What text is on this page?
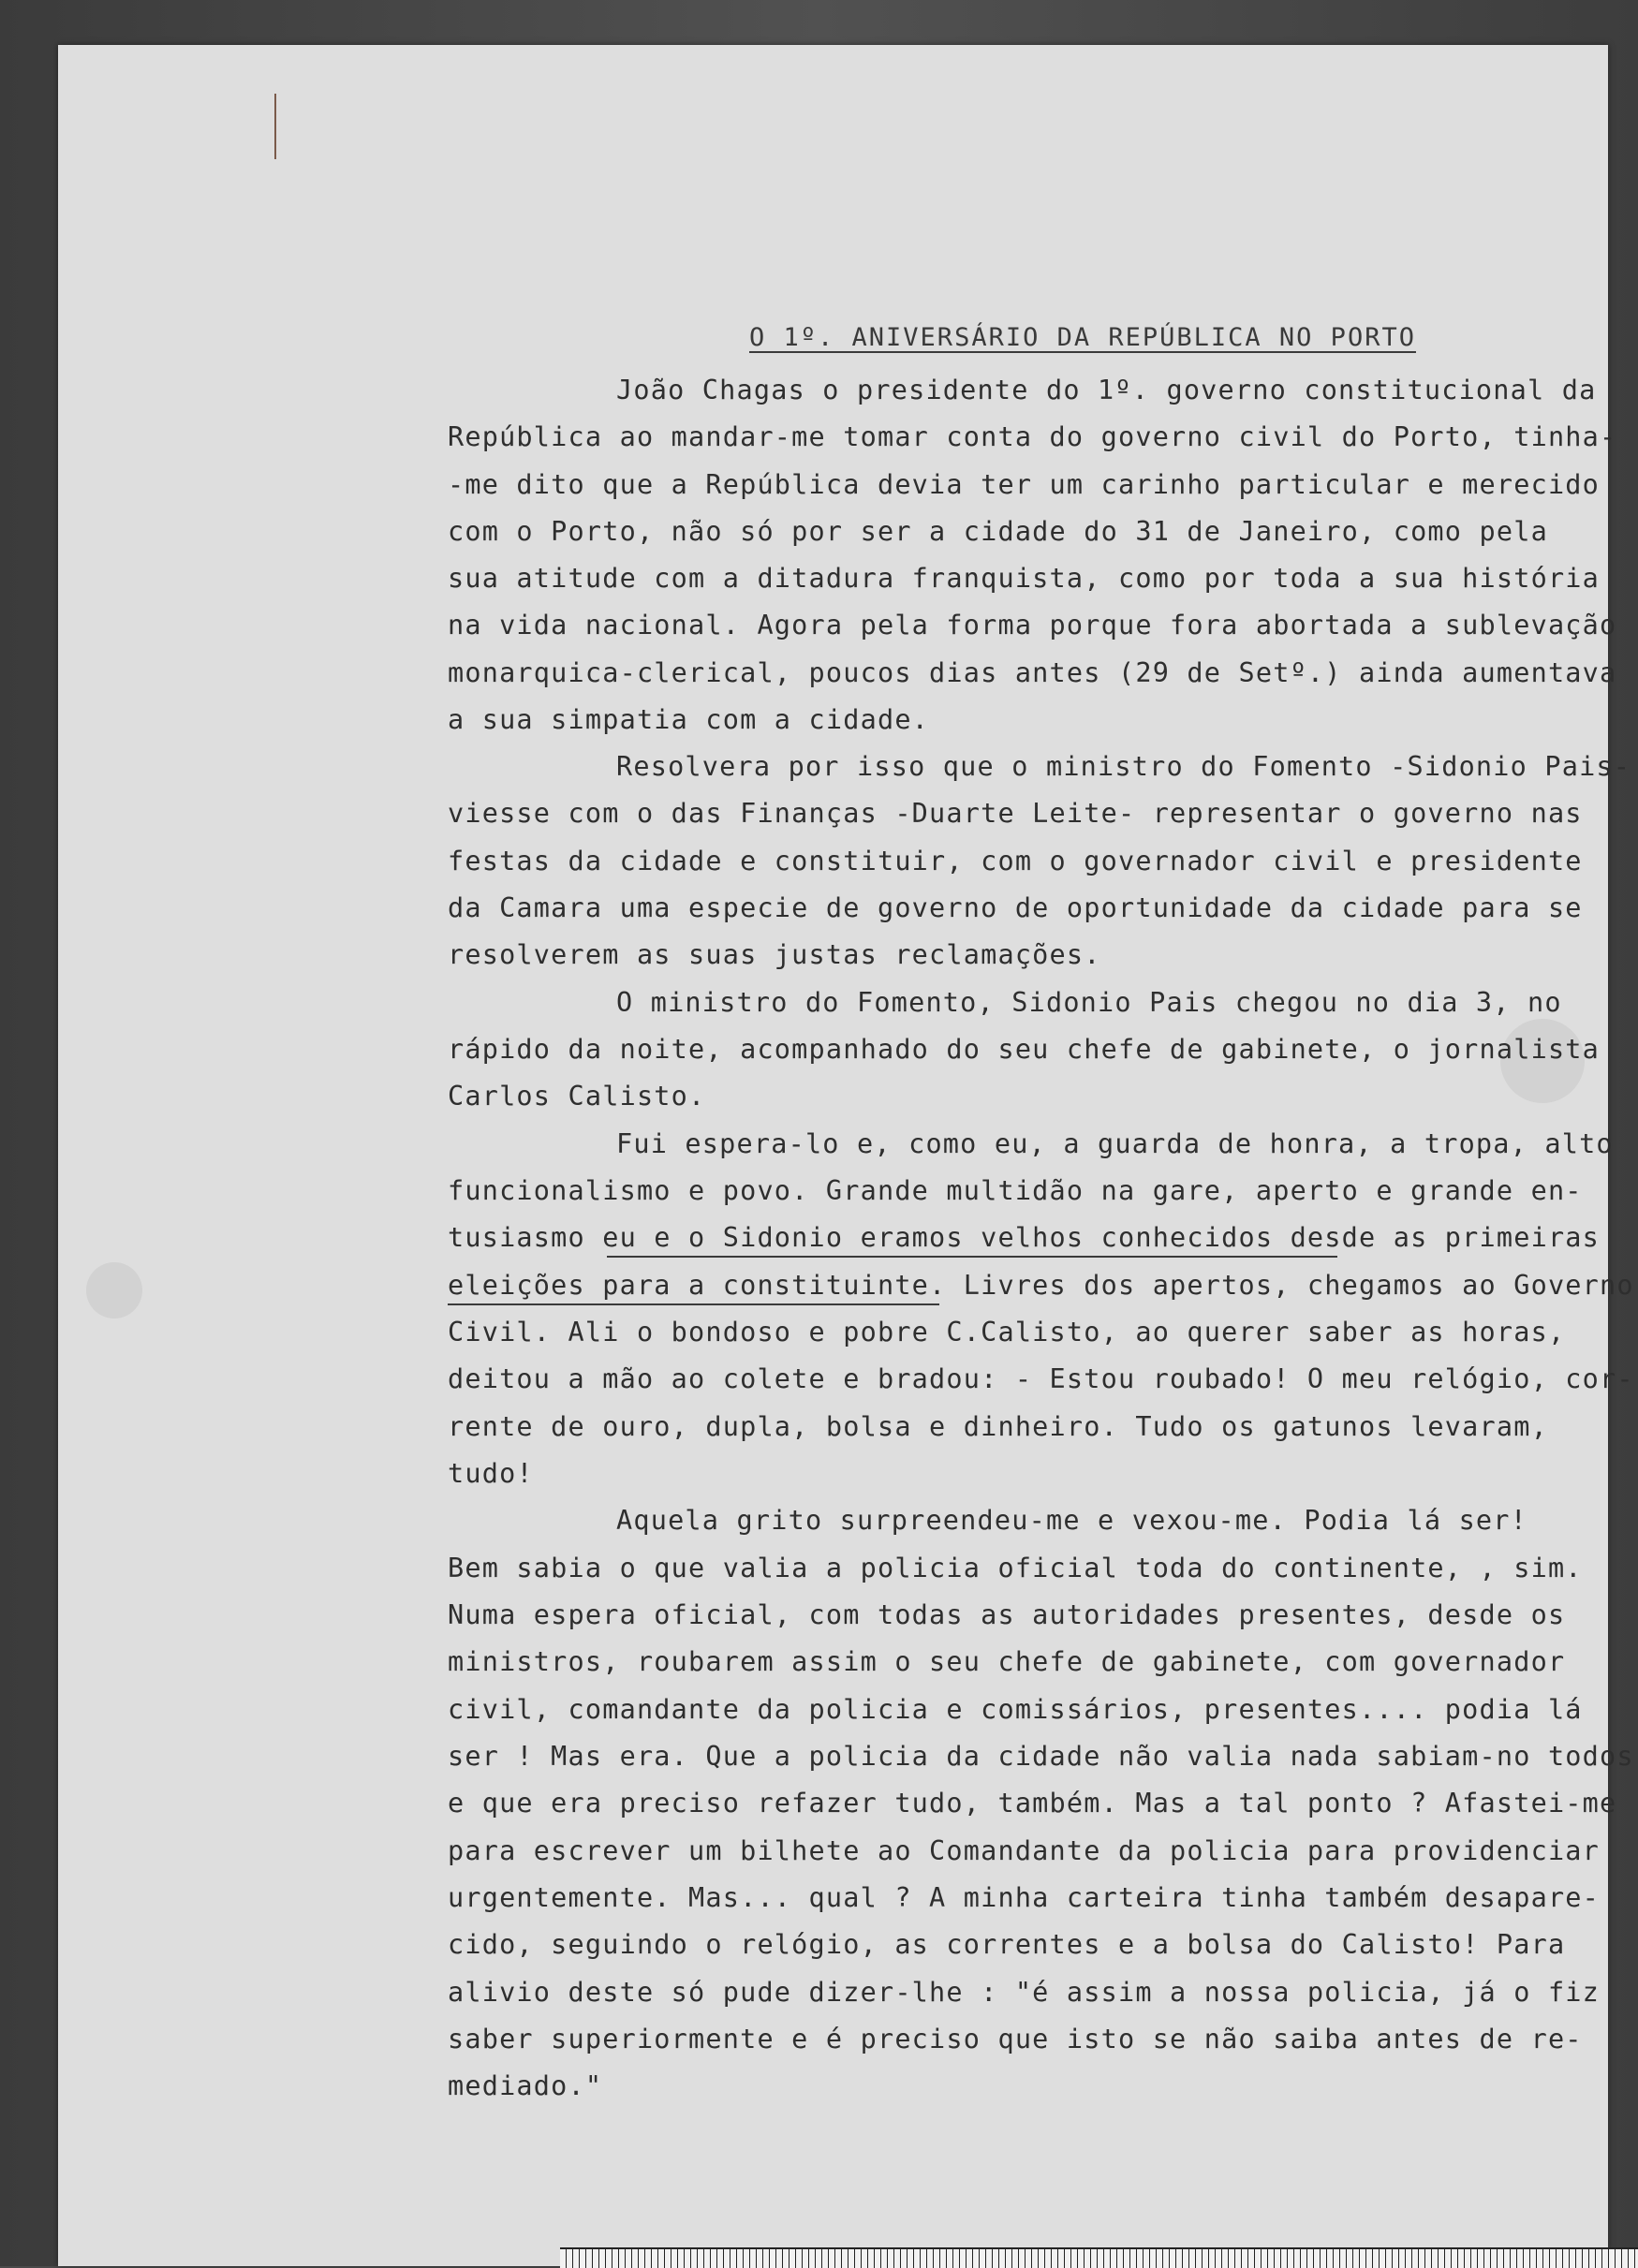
O 1º. ANIVERSÁRIO DA REPÚBLICA NO PORTO
João Chagas o presidente do 1º. governo constitucional da
República ao mandar-me tomar conta do governo civil do Porto, tinha-
-me dito que a República devia ter um carinho particular e merecido
com o Porto, não só por ser a cidade do 31 de Janeiro, como pela
sua atitude com a ditadura franquista, como por toda a sua história
na vida nacional. Agora pela forma porque fora abortada a sublevação
monarquica-clerical, poucos dias antes (29 de Setº.) ainda aumentava
a sua simpatia com a cidade.
Resolvera por isso que o ministro do Fomento -Sidonio Pais-
viesse com o das Finanças -Duarte Leite- representar o governo nas
festas da cidade e constituir, com o governador civil e presidente
da Camara uma especie de governo de oportunidade da cidade para se
resolverem as suas justas reclamações.
O ministro do Fomento, Sidonio Pais chegou no dia 3, no
rápido da noite, acompanhado do seu chefe de gabinete, o jornalista
Carlos Calisto.
Fui espera-lo e, como eu, a guarda de honra, a tropa, alto
funcionalismo e povo. Grande multidão na gare, aperto e grande en-
tusiasmo eu e o Sidonio eramos velhos conhecidos desde as primeiras
eleições para a constituinte. Livres dos apertos, chegamos ao Governo
Civil. Ali o bondoso e pobre C.Calisto, ao querer saber as horas,
deitou a mão ao colete e bradou: - Estou roubado! O meu relógio, cor-
rente de ouro, dupla, bolsa e dinheiro. Tudo os gatunos levaram,
tudo!
Aquela grito surpreendeu-me e vexou-me. Podia lá ser!
Bem sabia o que valia a policia oficial toda do continente, , sim.
Numa espera oficial, com todas as autoridades presentes, desde os
ministros, roubarem assim o seu chefe de gabinete, com governador
civil, comandante da policia e comissários, presentes.... podia lá
ser ! Mas era. Que a policia da cidade não valia nada sabiam-no todos
e que era preciso refazer tudo, também. Mas a tal ponto ? Afastei-me
para escrever um bilhete ao Comandante da policia para providenciar
urgentemente. Mas... qual ? A minha carteira tinha também desapare-
cido, seguindo o relógio, as correntes e a bolsa do Calisto! Para
alivio deste só pude dizer-lhe : "é assim a nossa policia, já o fiz
saber superiormente e é preciso que isto se não saiba antes de re-
mediado."
